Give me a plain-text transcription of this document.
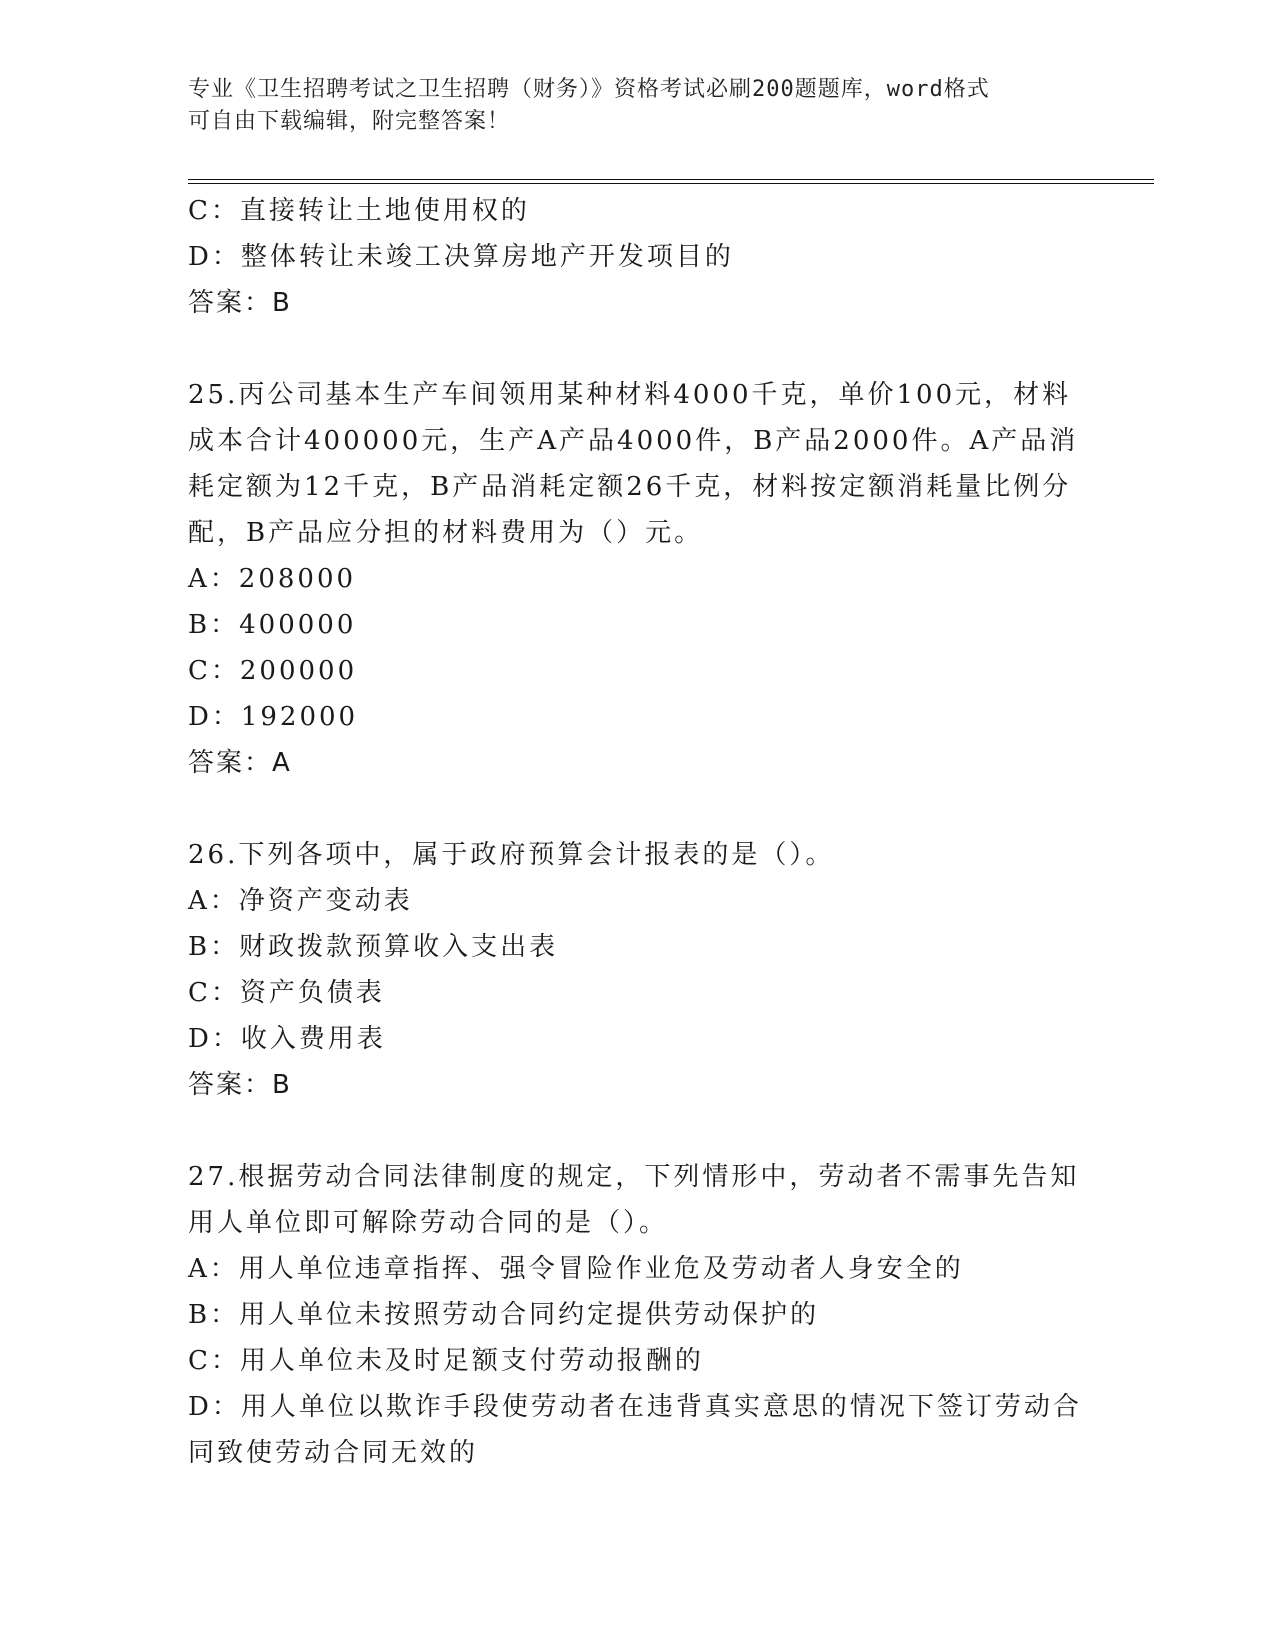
专业《卫生招聘考试之卫生招聘（财务）》资格考试必刷200题题库，word格式
可自由下载编辑，附完整答案！
C：直接转让土地使用权的
D：整体转让未竣工决算房地产开发项目的
答案：B
25.丙公司基本生产车间领用某种材料4000千克，单价100元，材料
成本合计400000元，生产A产品4000件，B产品2000件。A产品消
耗定额为12千克，B产品消耗定额26千克，材料按定额消耗量比例分
配，B产品应分担的材料费用为（）元。
A：208000
B：400000
C：200000
D：192000
答案：A
26.下列各项中，属于政府预算会计报表的是（）。
A：净资产变动表
B：财政拨款预算收入支出表
C：资产负债表
D：收入费用表
答案：B
27.根据劳动合同法律制度的规定，下列情形中，劳动者不需事先告知
用人单位即可解除劳动合同的是（）。
A：用人单位违章指挥、强令冒险作业危及劳动者人身安全的
B：用人单位未按照劳动合同约定提供劳动保护的
C：用人单位未及时足额支付劳动报酬的
D：用人单位以欺诈手段使劳动者在违背真实意思的情况下签订劳动合
同致使劳动合同无效的
